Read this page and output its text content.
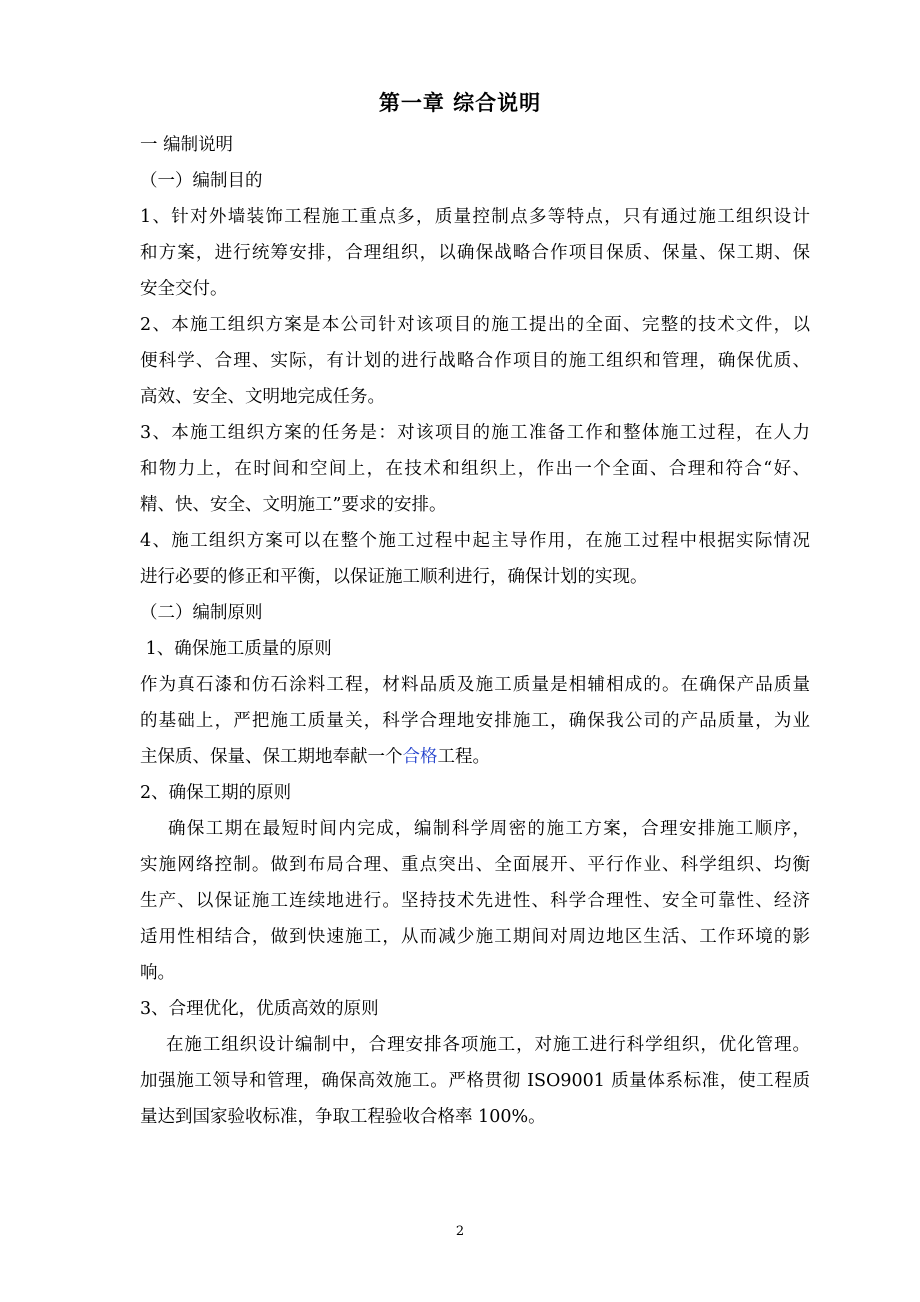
第一章 综合说明
一 编制说明
（一）编制目的
1、针对外墙装饰工程施工重点多，质量控制点多等特点，只有通过施工组织设计
和方案，进行统筹安排，合理组织，以确保战略合作项目保质、保量、保工期、保
安全交付。
2、本施工组织方案是本公司针对该项目的施工提出的全面、完整的技术文件，以
便科学、合理、实际，有计划的进行战略合作项目的施工组织和管理，确保优质、
高效、安全、文明地完成任务。
3、本施工组织方案的任务是：对该项目的施工准备工作和整体施工过程，在人力
和物力上，在时间和空间上，在技术和组织上，作出一个全面、合理和符合“好、
精、快、安全、文明施工”要求的安排。
4、施工组织方案可以在整个施工过程中起主导作用，在施工过程中根据实际情况
进行必要的修正和平衡，以保证施工顺利进行，确保计划的实现。
（二）编制原则
1、确保施工质量的原则
作为真石漆和仿石涂料工程，材料品质及施工质量是相辅相成的。在确保产品质量
的基础上，严把施工质量关，科学合理地安排施工，确保我公司的产品质量，为业
主保质、保量、保工期地奉献一个合格工程。
2、确保工期的原则
确保工期在最短时间内完成，编制科学周密的施工方案，合理安排施工顺序，
实施网络控制。做到布局合理、重点突出、全面展开、平行作业、科学组织、均衡
生产、以保证施工连续地进行。坚持技术先进性、科学合理性、安全可靠性、经济
适用性相结合，做到快速施工，从而减少施工期间对周边地区生活、工作环境的影
响。
3、合理优化，优质高效的原则
在施工组织设计编制中，合理安排各项施工，对施工进行科学组织，优化管理。
加强施工领导和管理，确保高效施工。严格贯彻 ISO9001 质量体系标准，使工程质
量达到国家验收标准，争取工程验收合格率 100%。
2
